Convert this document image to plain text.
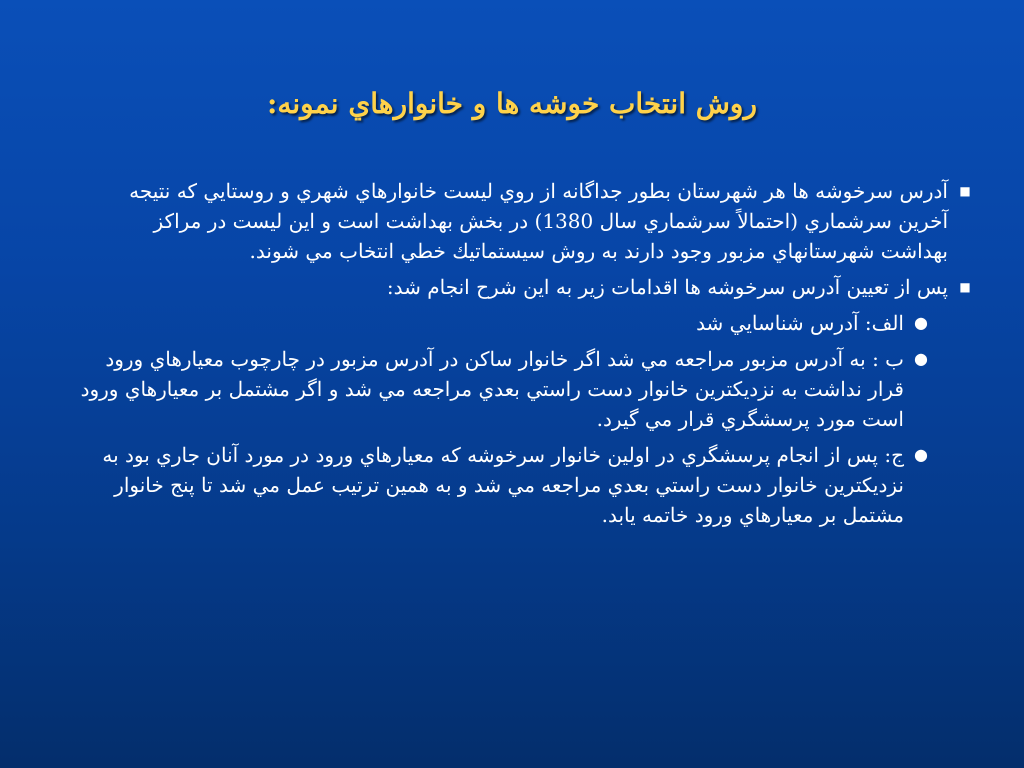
روش انتخاب خوشه ها و خانوارهاي نمونه:
■
آدرس سرخوشه ها هر شهرستان بطور جداگانه از روي ليست خانوارهاي شهري و روستايي كه نتيجه آخرين سرشماري (احتمالاً سرشماري سال 1380) در بخش بهداشت است و اين ليست در مراكز بهداشت شهرستانهاي مزبور وجود دارند به روش سيستماتيك خطي انتخاب مي شوند.
■
پس از تعيين آدرس سرخوشه ها اقدامات زير به اين شرح انجام شد:
●
الف: آدرس شناسايي شد
●
ب : به آدرس مزبور مراجعه مي شد اگر خانوار ساكن در آدرس مزبور در چارچوب معيارهاي ورود قرار نداشت به نزديكترين خانوار دست راستي بعدي مراجعه مي شد و اگر مشتمل بر معيارهاي ورود است مورد پرسشگري قرار مي گيرد.
●
ج: پس از انجام پرسشگري در اولين خانوار سرخوشه كه معيارهاي ورود در مورد آنان جاري بود به نزديكترين خانوار دست راستي بعدي مراجعه مي شد و به همين ترتيب عمل مي شد تا پنج خانوار مشتمل بر معيارهاي ورود خاتمه يابد.
